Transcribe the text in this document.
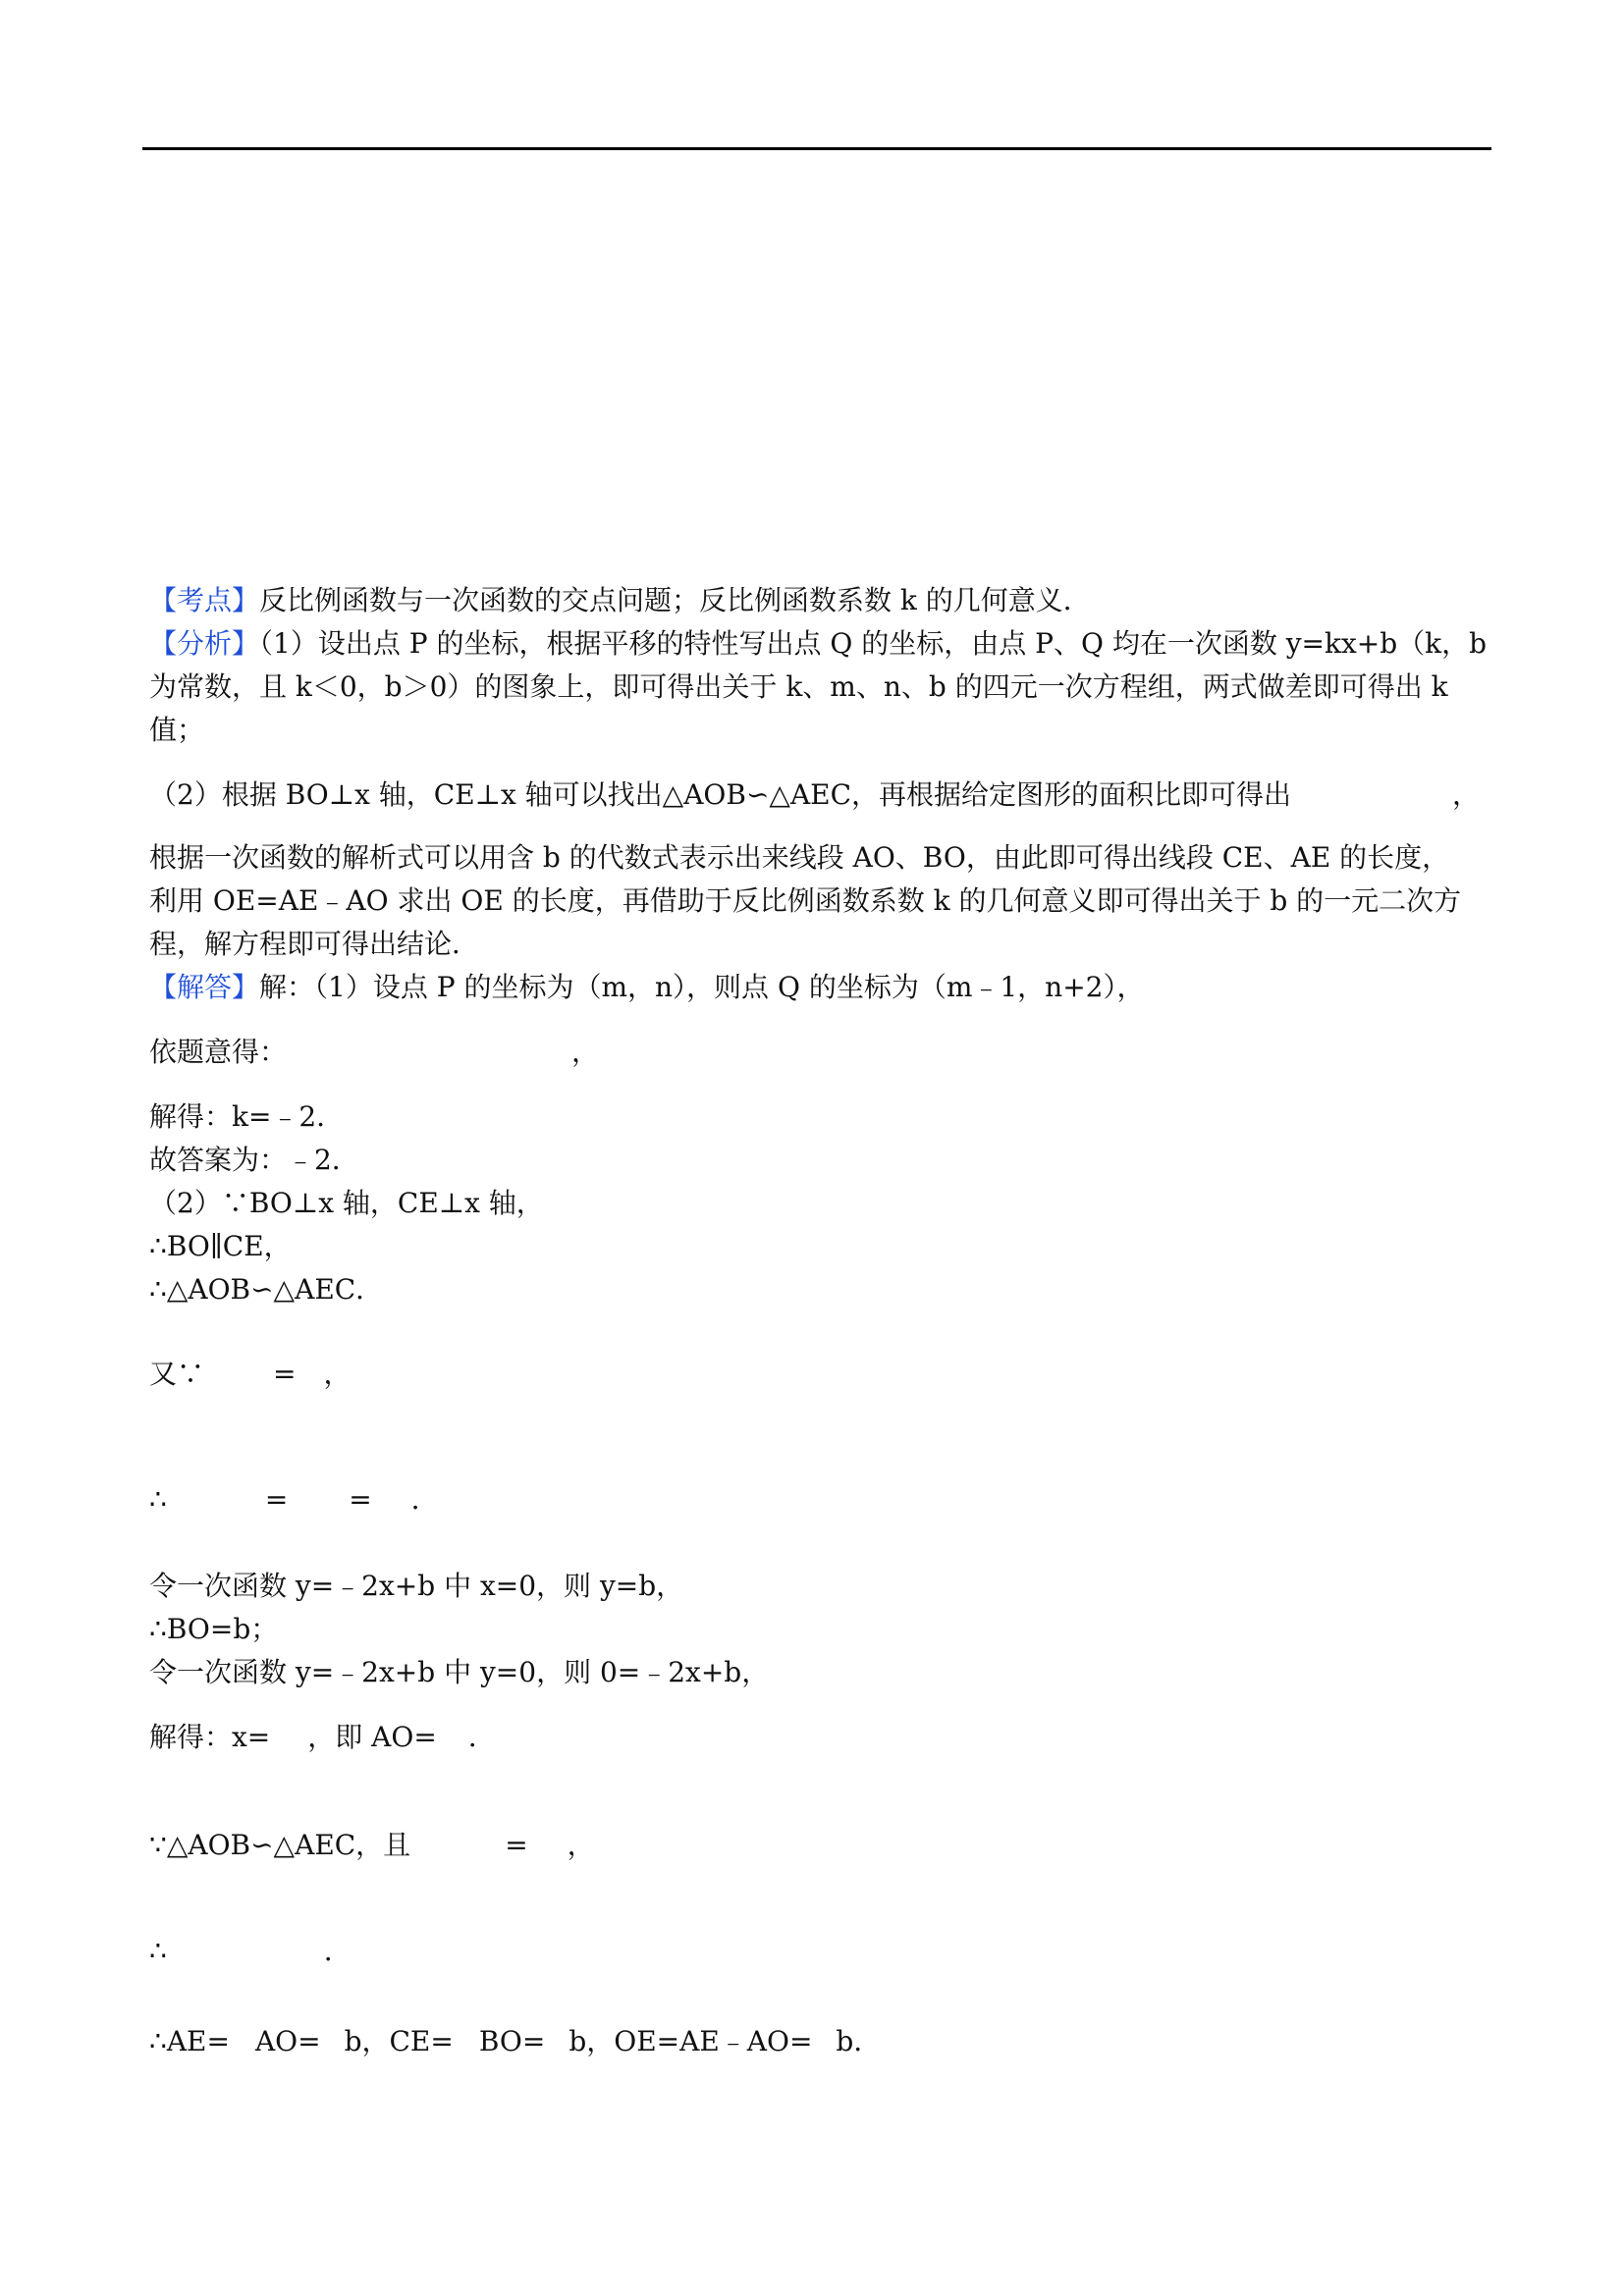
【考点】反比例函数与一次函数的交点问题；反比例函数系数 k 的几何意义．
【分析】（1）设出点 P 的坐标，根据平移的特性写出点 Q 的坐标，由点 P、Q 均在一次函数 y=kx+b（k，b
为常数，且 k＜0，b＞0）的图象上，即可得出关于 k、m、n、b 的四元一次方程组，两式做差即可得出 k
值；
（2）根据 BO⊥x 轴，CE⊥x 轴可以找出△AOB∽△AEC，再根据给定图形的面积比即可得出	，
根据一次函数的解析式可以用含 b 的代数式表示出来线段 AO、BO，由此即可得出线段 CE、AE 的长度，
利用 OE=AE﹣AO 求出 OE 的长度，再借助于反比例函数系数 k 的几何意义即可得出关于 b 的一元二次方
程，解方程即可得出结论．
【解答】解：（1）设点 P 的坐标为（m，n），则点 Q 的坐标为（m﹣1，n+2），
依题意得：	，
解得：k=﹣2．
故答案为：﹣2．
（2）∵BO⊥x 轴，CE⊥x 轴，
∴BO∥CE，
∴△AOB∽△AEC．
又∵	= ，
∴	= = ．
令一次函数 y=﹣2x+b 中 x=0，则 y=b，
∴BO=b；
令一次函数 y=﹣2x+b 中 y=0，则 0=﹣2x+b，
解得：x= ，即 AO= ．
∵△AOB∽△AEC，且	= ，
∴	．
∴AE= AO= b，CE= BO= b，OE=AE﹣AO= b．
